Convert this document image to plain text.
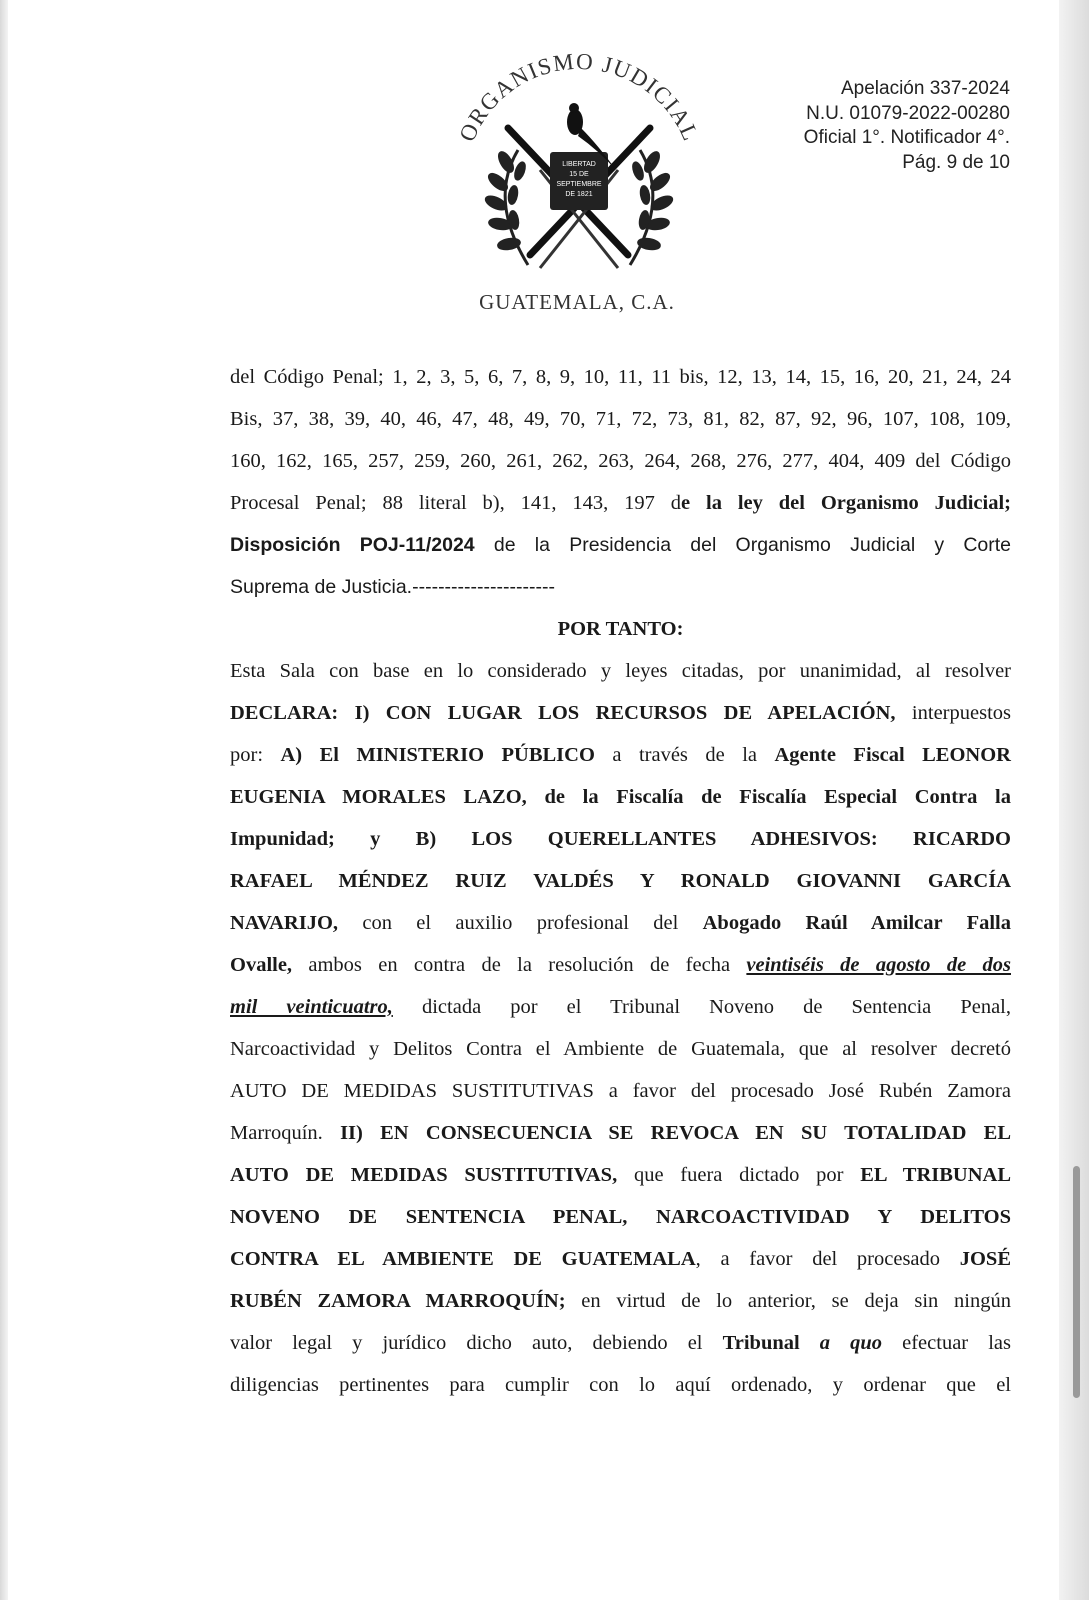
ORGANISMO JUDICIAL
LIBERTAD
15 DE
SEPTIEMBRE
DE 1821
GUATEMALA, C.A.
Apelación 337-2024
N.U. 01079-2022-00280
Oficial 1°. Notificador 4°.
Pág. 9 de 10
del Código Penal; 1, 2, 3, 5, 6, 7, 8, 9, 10, 11, 11 bis, 12, 13, 14, 15, 16, 20, 21, 24, 24
Bis, 37, 38, 39, 40, 46, 47, 48, 49, 70, 71, 72, 73, 81, 82, 87, 92, 96, 107, 108, 109,
160, 162, 165, 257, 259, 260, 261, 262, 263, 264, 268, 276, 277, 404, 409 del Código
Procesal Penal; 88 literal b), 141, 143, 197 de la ley del Organismo Judicial;
Disposición POJ-11/2024 de la Presidencia del Organismo Judicial y Corte
Suprema de Justicia.----------------------
POR TANTO:
Esta Sala con base en lo considerado y leyes citadas, por unanimidad, al resolver
DECLARA: I) CON LUGAR LOS RECURSOS DE APELACIÓN, interpuestos
por: A) El MINISTERIO PÚBLICO a través de la Agente Fiscal LEONOR
EUGENIA MORALES LAZO, de la Fiscalía de Fiscalía Especial Contra la
Impunidad; y B) LOS QUERELLANTES ADHESIVOS: RICARDO
RAFAEL MÉNDEZ RUIZ VALDÉS Y RONALD GIOVANNI GARCÍA
NAVARIJO, con el auxilio profesional del Abogado Raúl Amilcar Falla
Ovalle, ambos en contra de la resolución de fecha veintiséis de agosto de dos
mil veinticuatro, dictada por el Tribunal Noveno de Sentencia Penal,
Narcoactividad y Delitos Contra el Ambiente de Guatemala, que al resolver decretó
AUTO DE MEDIDAS SUSTITUTIVAS a favor del procesado José Rubén Zamora
Marroquín. II) EN CONSECUENCIA SE REVOCA EN SU TOTALIDAD EL
AUTO DE MEDIDAS SUSTITUTIVAS, que fuera dictado por EL TRIBUNAL
NOVENO DE SENTENCIA PENAL, NARCOACTIVIDAD Y DELITOS
CONTRA EL AMBIENTE DE GUATEMALA, a favor del procesado JOSÉ
RUBÉN ZAMORA MARROQUÍN; en virtud de lo anterior, se deja sin ningún
valor legal y jurídico dicho auto, debiendo el Tribunal a quo efectuar las
diligencias pertinentes para cumplir con lo aquí ordenado, y ordenar que el
